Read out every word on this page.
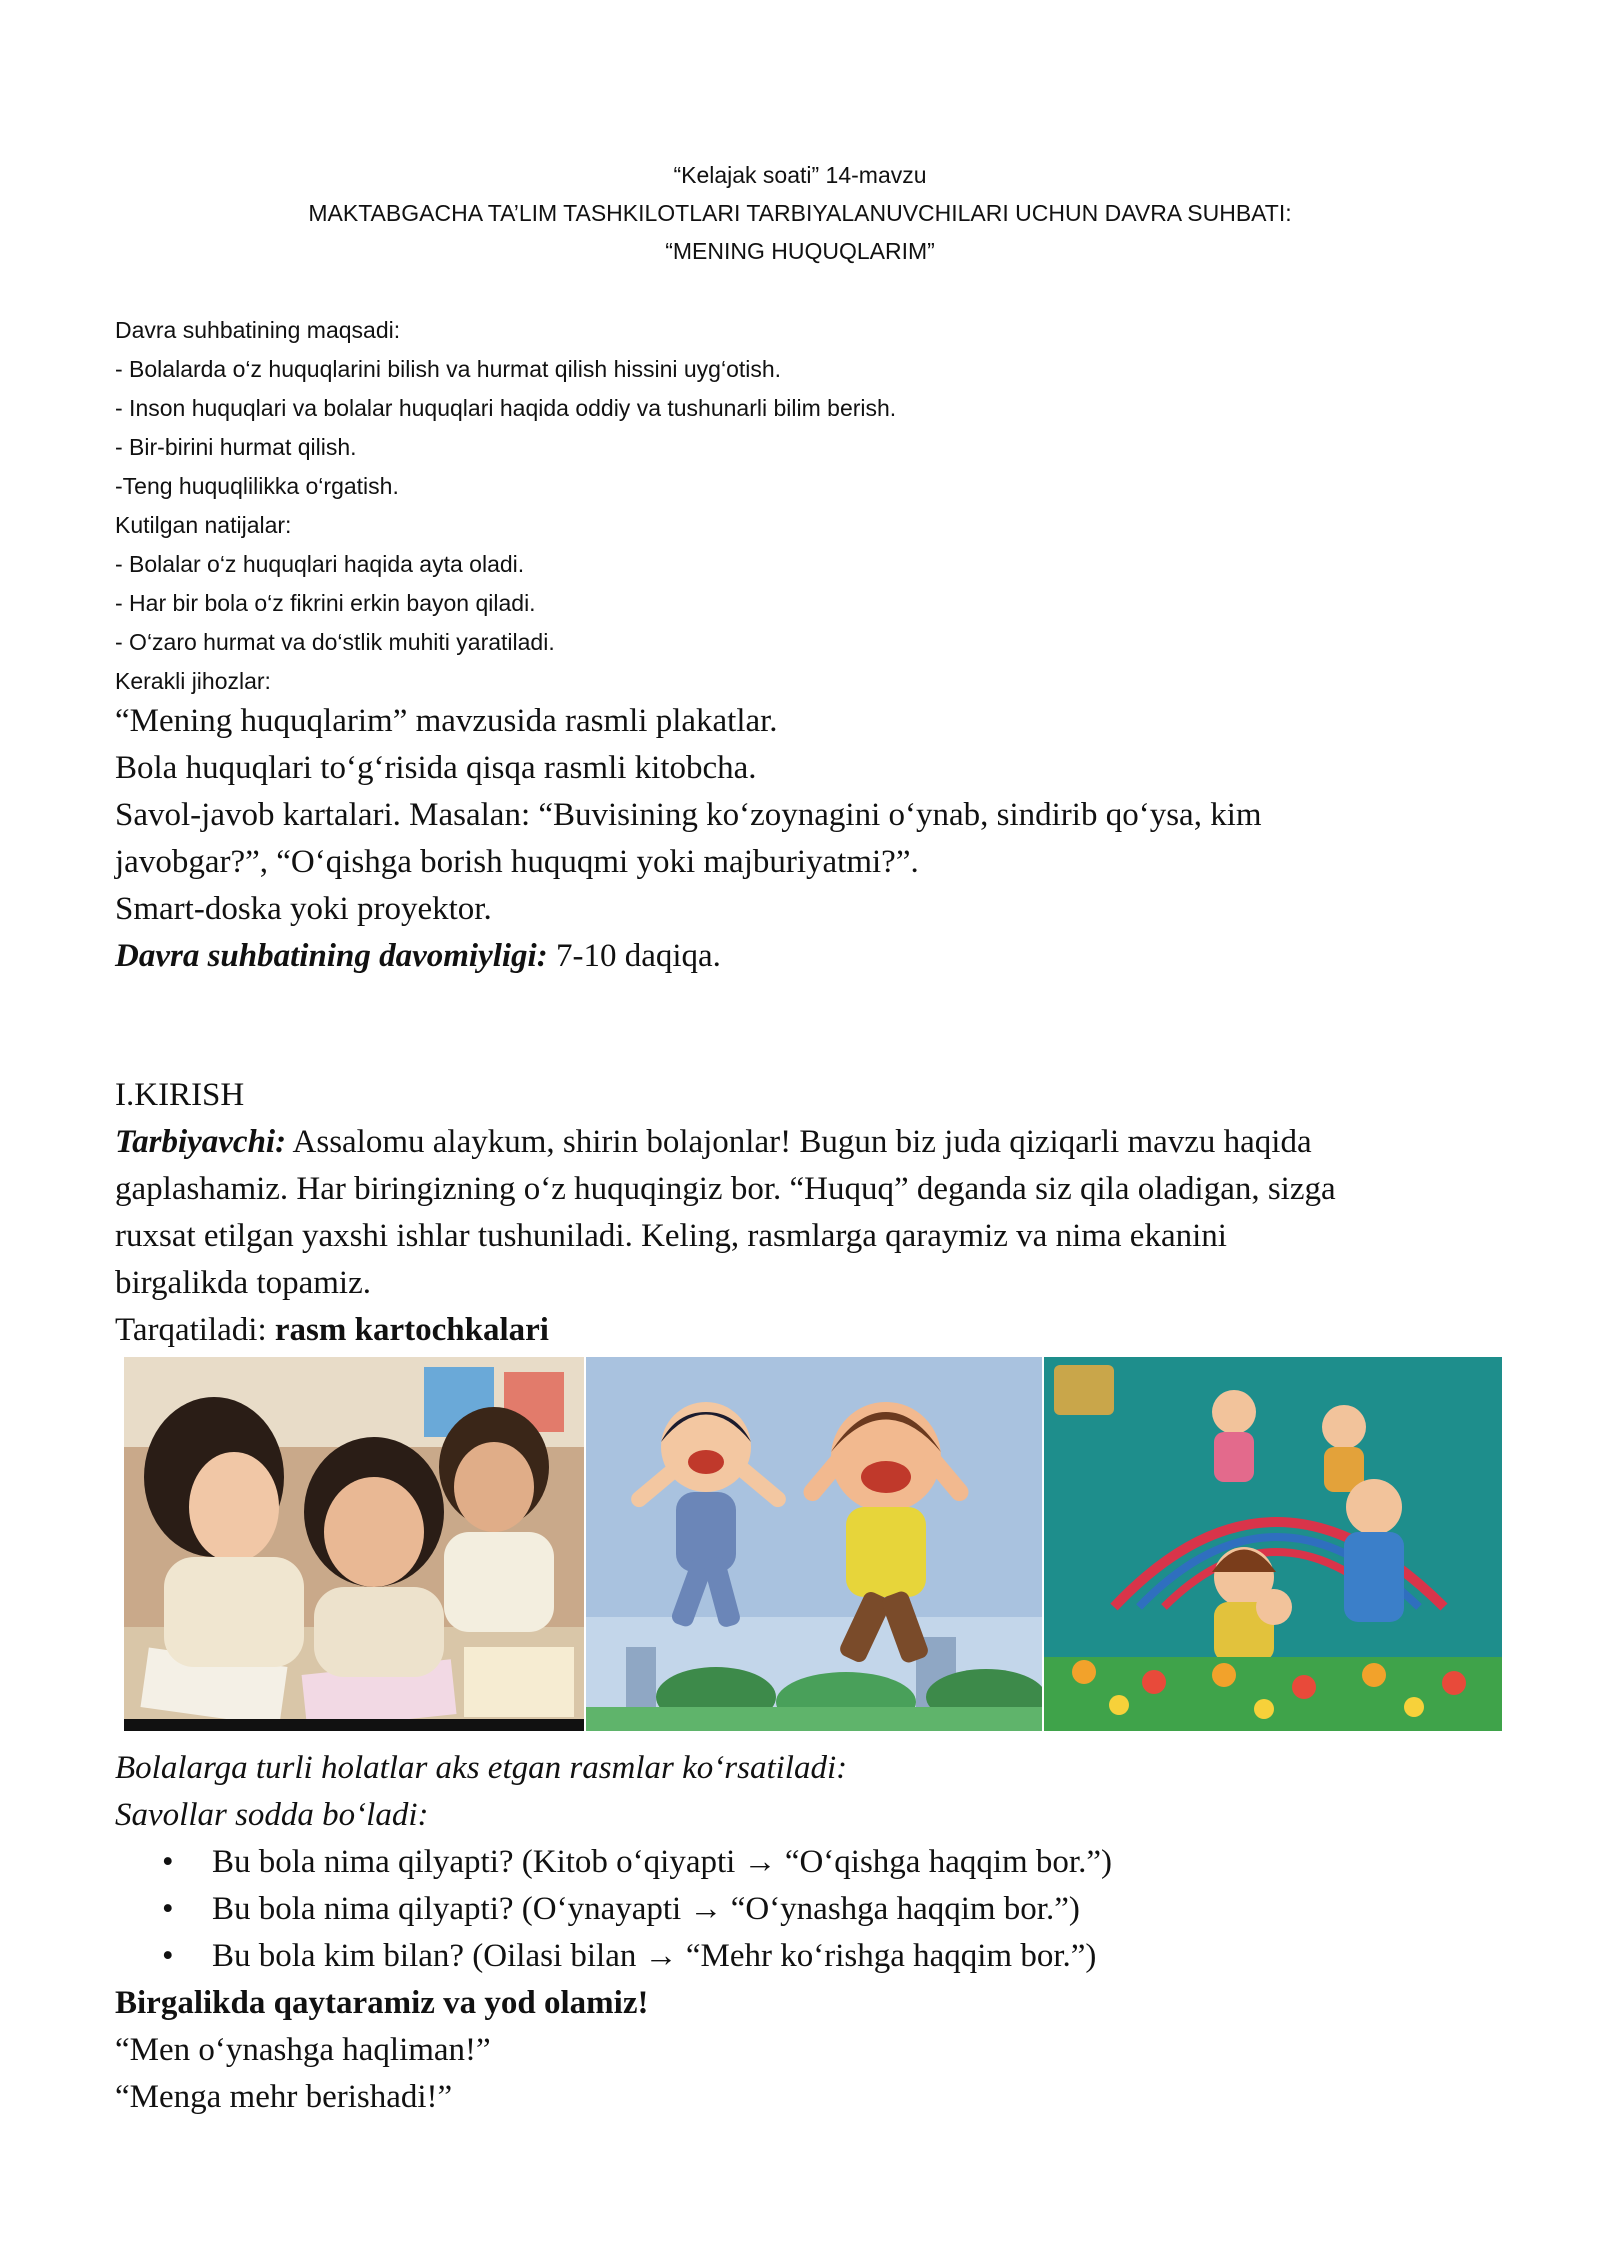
“Kelajak soati” 14-mavzu
MAKTABGACHA TA’LIM TASHKILOTLARI TARBIYALANUVCHILARI UCHUN DAVRA SUHBATI:
“MENING HUQUQLARIM”
Davra suhbatining maqsadi:
- Bolalarda o‘z huquqlarini bilish va hurmat qilish hissini uyg‘otish.
- Inson huquqlari va bolalar huquqlari haqida oddiy va tushunarli bilim berish.
- Bir-birini hurmat qilish.
-Teng huquqlilikka o‘rgatish.
Kutilgan natijalar:
- Bolalar o‘z huquqlari haqida ayta oladi.
- Har bir bola o‘z fikrini erkin bayon qiladi.
- O‘zaro hurmat va do‘stlik muhiti yaratiladi.
Kerakli jihozlar:
“Mening huquqlarim” mavzusida rasmli plakatlar.
Bola huquqlari to‘g‘risida qisqa rasmli kitobcha.
Savol-javob kartalari. Masalan: “Buvisining ko‘zoynagini o‘ynab, sindirib qo‘ysa, kim
javobgar?”, “O‘qishga borish huquqmi yoki majburiyatmi?”.
Smart-doska yoki proyektor.
Davra suhbatining davomiyligi: 7-10 daqiqa.
I.KIRISH
Tarbiyavchi: Assalomu alaykum, shirin bolajonlar! Bugun biz juda qiziqarli mavzu haqida
gaplashamiz. Har biringizning o‘z huquqingiz bor. “Huquq” deganda siz qila oladigan, sizga
ruxsat etilgan yaxshi ishlar tushuniladi. Keling, rasmlarga qaraymiz va nima ekanini
birgalikda topamiz.
Tarqatiladi: rasm kartochkalari
Bolalarga turli holatlar aks etgan rasmlar ko‘rsatiladi:
Savollar sodda bo‘ladi:
• Bu bola nima qilyapti? (Kitob o‘qiyapti → “O‘qishga haqqim bor.”)
• Bu bola nima qilyapti? (O‘ynayapti → “O‘ynashga haqqim bor.”)
• Bu bola kim bilan? (Oilasi bilan → “Mehr ko‘rishga haqqim bor.”)
Birgalikda qaytaramiz va yod olamiz!
“Men o‘ynashga haqliman!”
“Menga mehr berishadi!”
